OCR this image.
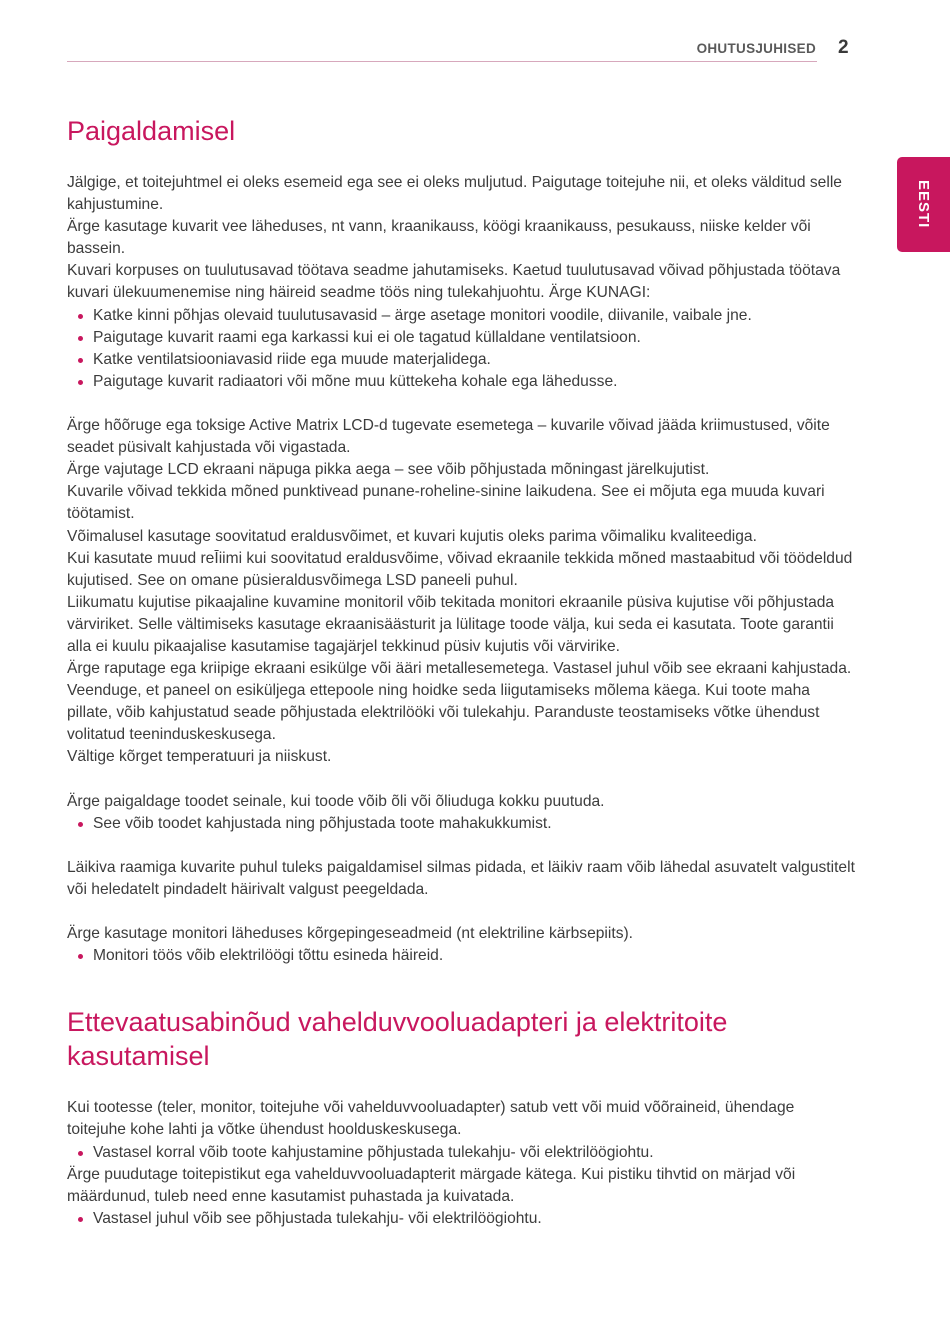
OHUTUSJUHISED 2
EESTI
Paigaldamisel

Jälgige, et toitejuhtmel ei oleks esemeid ega see ei oleks muljutud. Paigutage toitejuhe nii, et oleks välditud selle kahjustumine.

Ärge kasutage kuvarit vee läheduses, nt vann, kraanikauss, köögi kraanikauss, pesukauss, niiske kelder või bassein.

Kuvari korpuses on tuulutusavad töötava seadme jahutamiseks. Kaetud tuulutusavad võivad põhjustada töötava kuvari ülekuumenemise ning häireid seadme töös ning tulekahjuohtu. Ärge KUNAGI:

Katke kinni põhjas olevaid tuulutusavasid – ärge asetage monitori voodile, diivanile, vaibale jne.
Paigutage kuvarit raami ega karkassi kui ei ole tagatud küllaldane ventilatsioon.
Katke ventilatsiooniavasid riide ega muude materjalidega.
Paigutage kuvarit radiaatori või mõne muu küttekeha kohale ega lähedusse.

Ärge hõõruge ega toksige Active Matrix LCD-d tugevate esemetega – kuvarile võivad jääda kriimustused, võite seadet püsivalt kahjustada või vigastada.

Ärge vajutage LCD ekraani näpuga pikka aega – see võib põhjustada mõningast järelkujutist.

Kuvarile võivad tekkida mõned punktivead punane-roheline-sinine laikudena. See ei mõjuta ega muuda kuvari töötamist.

Võimalusel kasutage soovitatud eraldusvõimet, et kuvari kujutis oleks parima võimaliku kvaliteediga.

Kui kasutate muud reĪiimi kui soovitatud eraldusvõime, võivad ekraanile tekkida mõned mastaabitud või töödeldud kujutised. See on omane püsieraldusvõimega LSD paneeli puhul.

Liikumatu kujutise pikaajaline kuvamine monitoril võib tekitada monitori ekraanile püsiva kujutise või põhjustada värviriket. Selle vältimiseks kasutage ekraanisäästurit ja lülitage toode välja, kui seda ei kasutata. Toote garantii alla ei kuulu pikaajalise kasutamise tagajärjel tekkinud püsiv kujutis või värvirike.

Ärge raputage ega kriipige ekraani esikülge või ääri metallesemetega. Vastasel juhul võib see ekraani kahjustada.

Veenduge, et paneel on esiküljega ettepoole ning hoidke seda liigutamiseks mõlema käega. Kui toote maha pillate, võib kahjustatud seade põhjustada elektrilööki või tulekahju. Paranduste teostamiseks võtke ühendust volitatud teeninduskeskusega.

Vältige kõrget temperatuuri ja niiskust.

Ärge paigaldage toodet seinale, kui toode võib õli või õliuduga kokku puutuda.

See võib toodet kahjustada ning põhjustada toote mahakukkumist.

Läikiva raamiga kuvarite puhul tuleks paigaldamisel silmas pidada, et läikiv raam võib lähedal asuvatelt valgustitelt või heledatelt pindadelt häirivalt valgust peegeldada.

Ärge kasutage monitori läheduses kõrgepingeseadmeid (nt elektriline kärbsepiits).

Monitori töös võib elektrilöögi tõttu esineda häireid.
Ettevaatusabinõud vahelduvvooluadapteri ja elektritoite kasutamisel

Kui tootesse (teler, monitor, toitejuhe või vahelduvvooluadapter) satub vett või muid võõraineid, ühendage toitejuhe kohe lahti ja võtke ühendust hoolduskeskusega.

Vastasel korral võib toote kahjustamine põhjustada tulekahju- või elektrilöögiohtu.

Ärge puudutage toitepistikut ega vahelduvvooluadapterit märgade kätega. Kui pistiku tihvtid on märjad või määrdunud, tuleb need enne kasutamist puhastada ja kuivatada.

Vastasel juhul võib see põhjustada tulekahju- või elektrilöögiohtu.
